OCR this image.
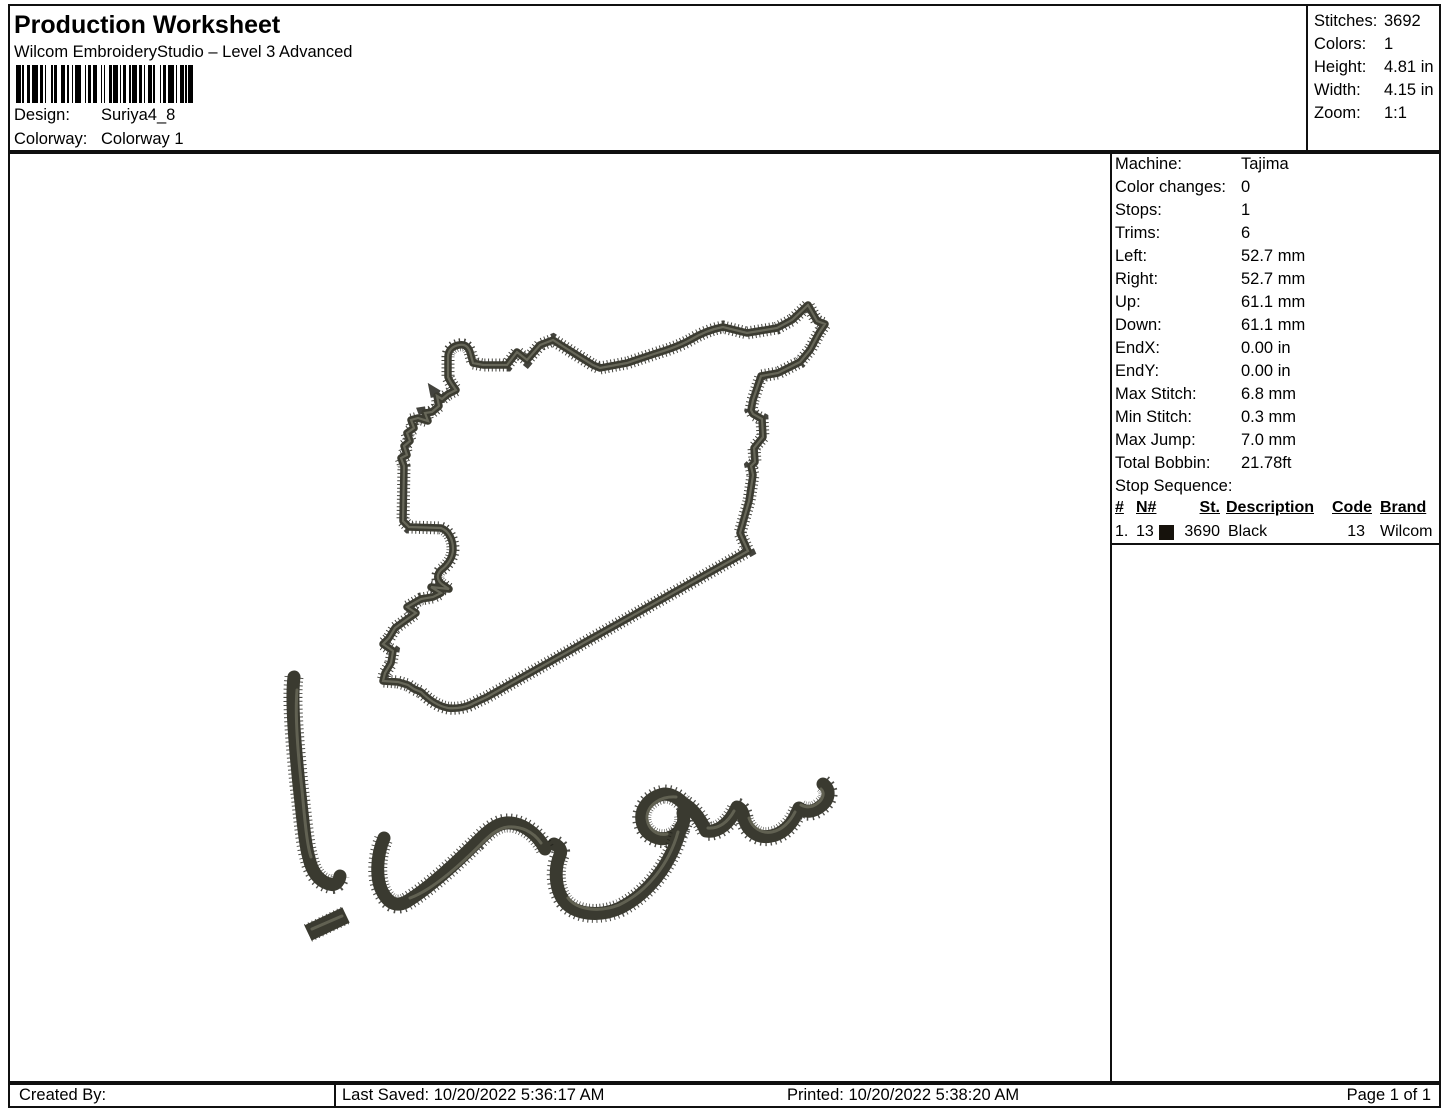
Production Worksheet
Wilcom EmbroideryStudio – Level 3 Advanced
Design: Suriya4_8
Colorway: Colorway 1
Stitches: 3692
Colors: 1
Height: 4.81 in
Width: 4.15 in
Zoom: 1:1
Machine:	Tajima
Color changes: 0
Stops:	1
Trims:	6
Left:	52.7 mm
Right:	52.7 mm
Up:	61.1 mm
Down:	61.1 mm
EndX:	0.00 in
EndY:	0.00 in
Max Stitch:	6.8 mm
Min Stitch:	0.3 mm
Max Jump:	7.0 mm
Total Bobbin: 21.78ft
Stop Sequence:
# N#	St. Description Code Brand
1. 13 3690 Black	13 Wilcom
Created By:	Last Saved: 10/20/2022 5:36:17 AM	Printed: 10/20/2022 5:38:20 AM	Page 1 of 1
